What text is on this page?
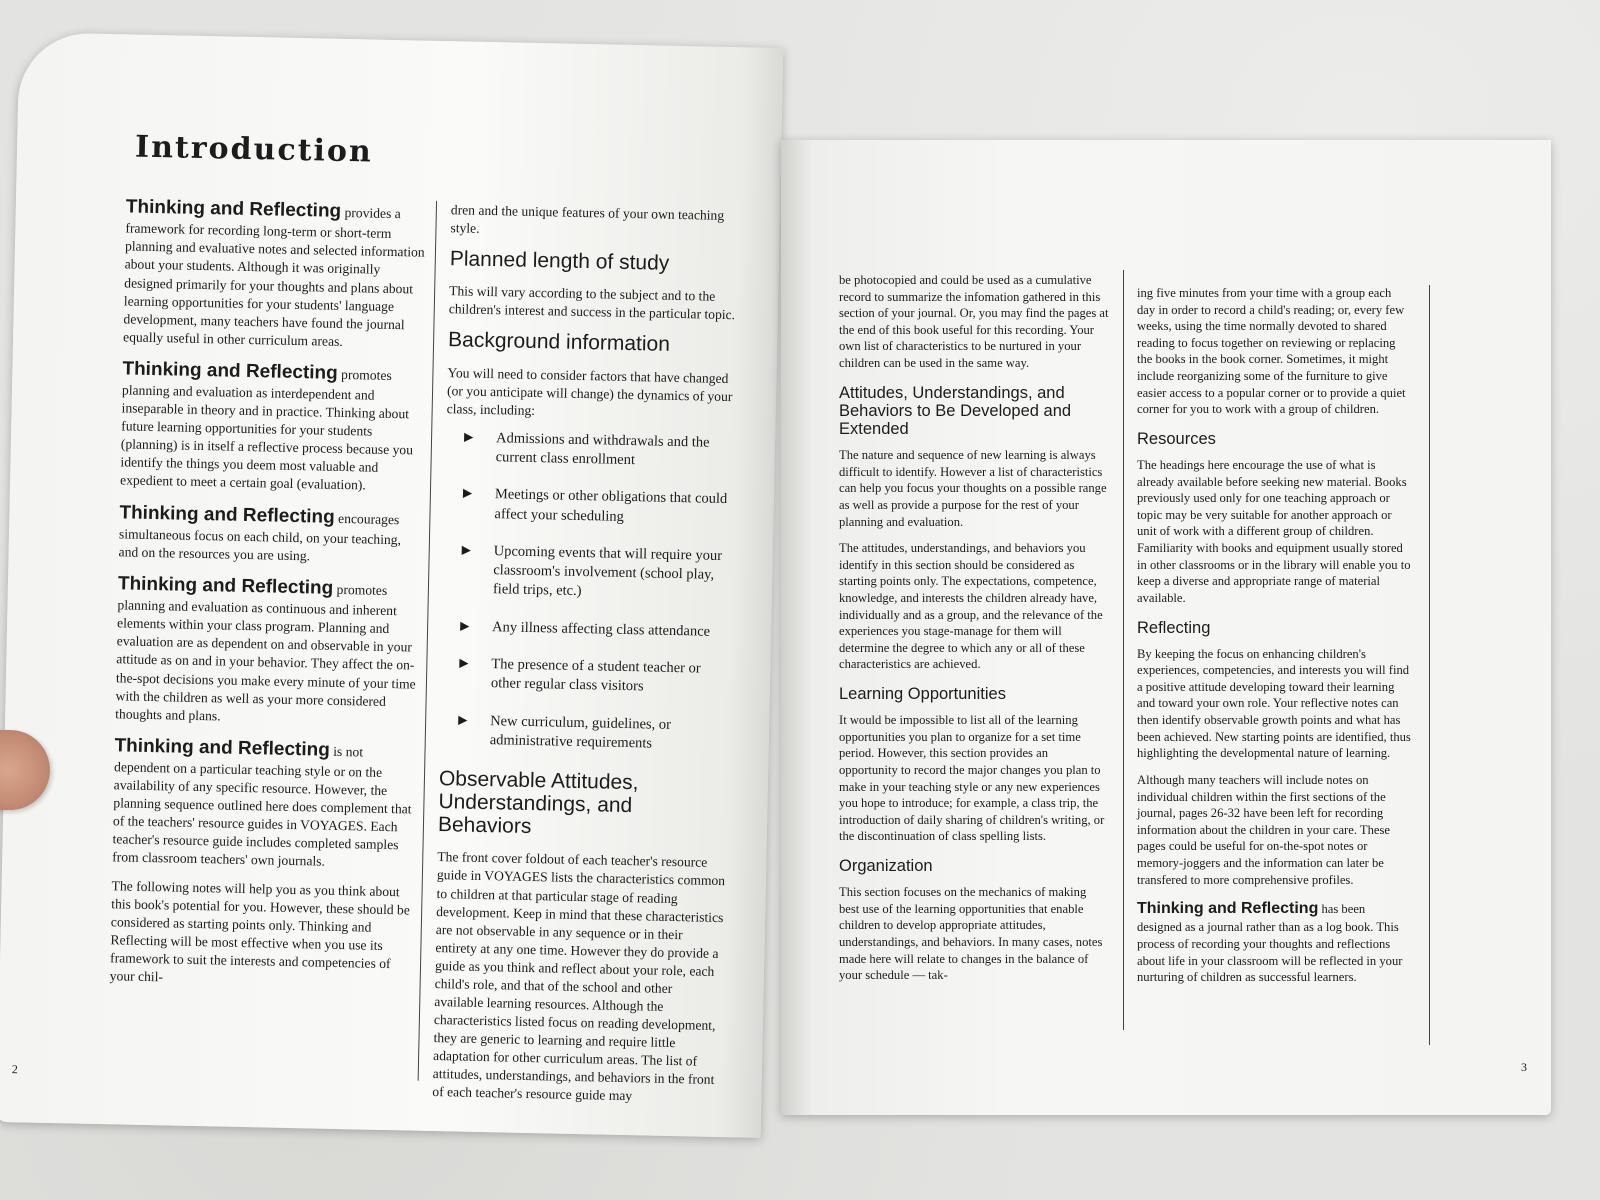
Introduction

Thinking and Reflecting provides a framework for recording long-term or short-term planning and evaluative notes and selected information about your students. Although it was originally designed primarily for your thoughts and plans about learning opportunities for your students' language development, many teachers have found the journal equally useful in other curriculum areas.

Thinking and Reflecting promotes planning and evaluation as interdependent and inseparable in theory and in practice. Thinking about future learning opportunities for your students (planning) is in itself a reflective process because you identify the things you deem most valuable and expedient to meet a certain goal (evaluation).

Thinking and Reflecting encourages simultaneous focus on each child, on your teaching, and on the resources you are using.

Thinking and Reflecting promotes planning and evaluation as continuous and inherent elements within your class program. Planning and evaluation are as dependent on and observable in your attitude as on and in your behavior. They affect the on-the-spot decisions you make every minute of your time with the children as well as your more considered thoughts and plans.

Thinking and Reflecting is not dependent on a particular teaching style or on the availability of any specific resource. However, the planning sequence outlined here does complement that of the teachers' resource guides in VOYAGES. Each teacher's resource guide includes completed samples from classroom teachers' own journals.

The following notes will help you as you think about this book's potential for you. However, these should be considered as starting points only. Thinking and Reflecting will be most effective when you use its framework to suit the interests and competencies of your chil-

dren and the unique features of your own teaching style.

Planned length of study

This will vary according to the subject and to the children's interest and success in the particular topic.

Background information

You will need to consider factors that have changed (or you anticipate will change) the dynamics of your class, including:

▶ Admissions and withdrawals and the current class enrollment
▶ Meetings or other obligations that could affect your scheduling
▶ Upcoming events that will require your classroom's involvement (school play, field trips, etc.)
▶ Any illness affecting class attendance
▶ The presence of a student teacher or other regular class visitors
▶ New curriculum, guidelines, or administrative requirements
Observable Attitudes, Understandings, and Behaviors

The front cover foldout of each teacher's resource guide in VOYAGES lists the characteristics common to children at that particular stage of reading development. Keep in mind that these characteristics are not observable in any sequence or in their entirety at any one time. However they do provide a guide as you think and reflect about your role, each child's role, and that of the school and other available learning resources. Although the characteristics listed focus on reading development, they are generic to learning and require little adaptation for other curriculum areas. The list of attitudes, understandings, and behaviors in the front of each teacher's resource guide may

2

be photocopied and could be used as a cumulative record to summarize the infomation gathered in this section of your journal. Or, you may find the pages at the end of this book useful for this recording. Your own list of characteristics to be nurtured in your children can be used in the same way.

Attitudes, Understandings, and Behaviors to Be Developed and Extended

The nature and sequence of new learning is always difficult to identify. However a list of characteristics can help you focus your thoughts on a possible range as well as provide a purpose for the rest of your planning and evaluation.

The attitudes, understandings, and behaviors you identify in this section should be considered as starting points only. The expectations, competence, knowledge, and interests the children already have, individually and as a group, and the relevance of the experiences you stage-manage for them will determine the degree to which any or all of these characteristics are achieved.

Learning Opportunities

It would be impossible to list all of the learning opportunities you plan to organize for a set time period. However, this section provides an opportunity to record the major changes you plan to make in your teaching style or any new experiences you hope to introduce; for example, a class trip, the introduction of daily sharing of children's writing, or the discontinuation of class spelling lists.

Organization

This section focuses on the mechanics of making best use of the learning opportunities that enable children to develop appropriate attitudes, understandings, and behaviors. In many cases, notes made here will relate to changes in the balance of your schedule — tak-

ing five minutes from your time with a group each day in order to record a child's reading; or, every few weeks, using the time normally devoted to shared reading to focus together on reviewing or replacing the books in the book corner. Sometimes, it might include reorganizing some of the furniture to give easier access to a popular corner or to provide a quiet corner for you to work with a group of children.

Resources

The headings here encourage the use of what is already available before seeking new material. Books previously used only for one teaching approach or topic may be very suitable for another approach or unit of work with a different group of children. Familiarity with books and equipment usually stored in other classrooms or in the library will enable you to keep a diverse and appropriate range of material available.

Reflecting

By keeping the focus on enhancing children's experiences, competencies, and interests you will find a positive attitude developing toward their learning and toward your own role. Your reflective notes can then identify observable growth points and what has been achieved. New starting points are identified, thus highlighting the developmental nature of learning.

Although many teachers will include notes on individual children within the first sections of the journal, pages 26-32 have been left for recording information about the children in your care. These pages could be useful for on-the-spot notes or memory-joggers and the information can later be transfered to more comprehensive profiles.

Thinking and Reflecting has been designed as a journal rather than as a log book. This process of recording your thoughts and reflections about life in your classroom will be reflected in your nurturing of children as successful learners.

3
